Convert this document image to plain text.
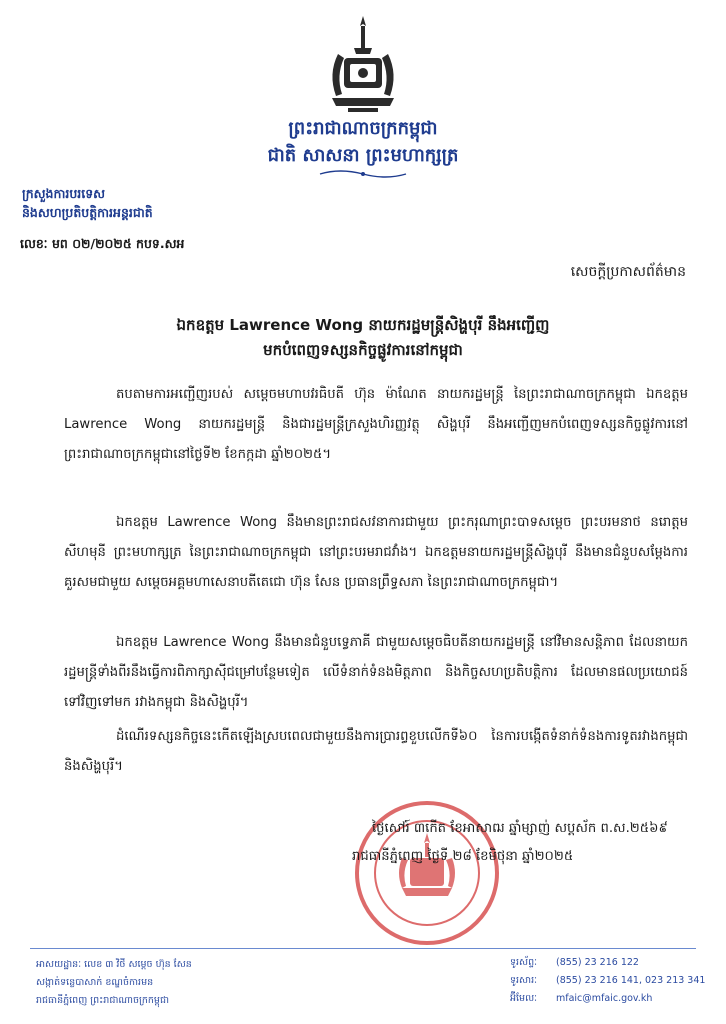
ព្រះរាជាណាចក្រកម្ពុជា
ជាតិ សាសនា ព្រះមហាក្សត្រ
ក្រសួងការបរទេស
និងសហប្រតិបត្តិការអន្តរជាតិ
លេខៈ មព ០២/២០២៥ កបទ.សអ
សេចក្ដីប្រកាសព័ត៌មាន
ឯកឧត្តម Lawrence Wong នាយករដ្ឋមន្ត្រីសិង្ហបុរី នឹងអញ្ជើញ
មកបំពេញទស្សនកិច្ចផ្លូវការនៅកម្ពុជា

តបតាមការអញ្ជើញរបស់ សម្ដេចមហាបវរធិបតី ហ៊ុន ម៉ាណែត នាយករដ្ឋមន្ត្រី នៃព្រះរាជាណាចក្រកម្ពុជា ឯកឧត្តម Lawrence Wong នាយករដ្ឋមន្ត្រី និងជារដ្ឋមន្ត្រីក្រសួងហិរញ្ញវត្ថុ សិង្ហបុរី នឹងអញ្ជើញមកបំពេញទស្សនកិច្ចផ្លូវការនៅព្រះរាជាណាចក្រកម្ពុជានៅថ្ងៃទី២ ខែកក្កដា ឆ្នាំ២០២៥។

ឯកឧត្តម Lawrence Wong នឹងមានព្រះរាជសវនាការជាមួយ ព្រះករុណាព្រះបាទសម្ដេច ព្រះបរមនាថ នរោត្តម សីហមុនី ព្រះមហាក្សត្រ នៃព្រះរាជាណាចក្រកម្ពុជា នៅព្រះបរមរាជវាំង។ ឯកឧត្តមនាយករដ្ឋមន្ត្រីសិង្ហបុរី នឹងមានជំនួបសម្ដែងការគួរសមជាមួយ សម្ដេចអគ្គមហាសេនាបតីតេជោ ហ៊ុន សែន ប្រធានព្រឹទ្ធសភា នៃព្រះរាជាណាចក្រកម្ពុជា។

ឯកឧត្តម Lawrence Wong នឹងមានជំនួបទ្វេភាគី ជាមួយសម្ដេចធិបតីនាយករដ្ឋមន្ត្រី នៅវិមានសន្តិភាព ដែលនាយករដ្ឋមន្ត្រីទាំងពីរនឹងធ្វើការពិភាក្សាស៊ីជម្រៅបន្ថែមទៀត លើទំនាក់ទំនងមិត្តភាព និងកិច្ចសហប្រតិបត្តិការ ដែលមានផលប្រយោជន៍ទៅវិញទៅមក រវាងកម្ពុជា និងសិង្ហបុរី។

ដំណើរទស្សនកិច្ចនេះកើតឡើងស្របពេលជាមួយនឹងការប្រារព្ធខួបលើកទី៦០ នៃការបង្កើតទំនាក់ទំនងការទូតរវាងកម្ពុជា និងសិង្ហបុរី។

ថ្ងៃសៅរ៍ ៣កើត ខែអាសាឍ ឆ្នាំម្សាញ់ សប្តស័ក ព.ស.២៥៦៩
រាជធានីភ្នំពេញ ថ្ងៃទី ២៨ ខែមិថុនា ឆ្នាំ២០២៥
អាសយដ្ឋានៈ លេខ ៣ វិថី សម្ដេច ហ៊ុន សែន
សង្កាត់ទន្លេបាសាក់ ខណ្ឌចំការមន
រាជធានីភ្នំពេញ ព្រះរាជាណាចក្រកម្ពុជា
ទូរស័ព្ទៈ (855) 23 216 122
ទូរសារៈ (855) 23 216 141, 023 213 341
អ៊ីមែលៈ mfaic@mfaic.gov.kh
